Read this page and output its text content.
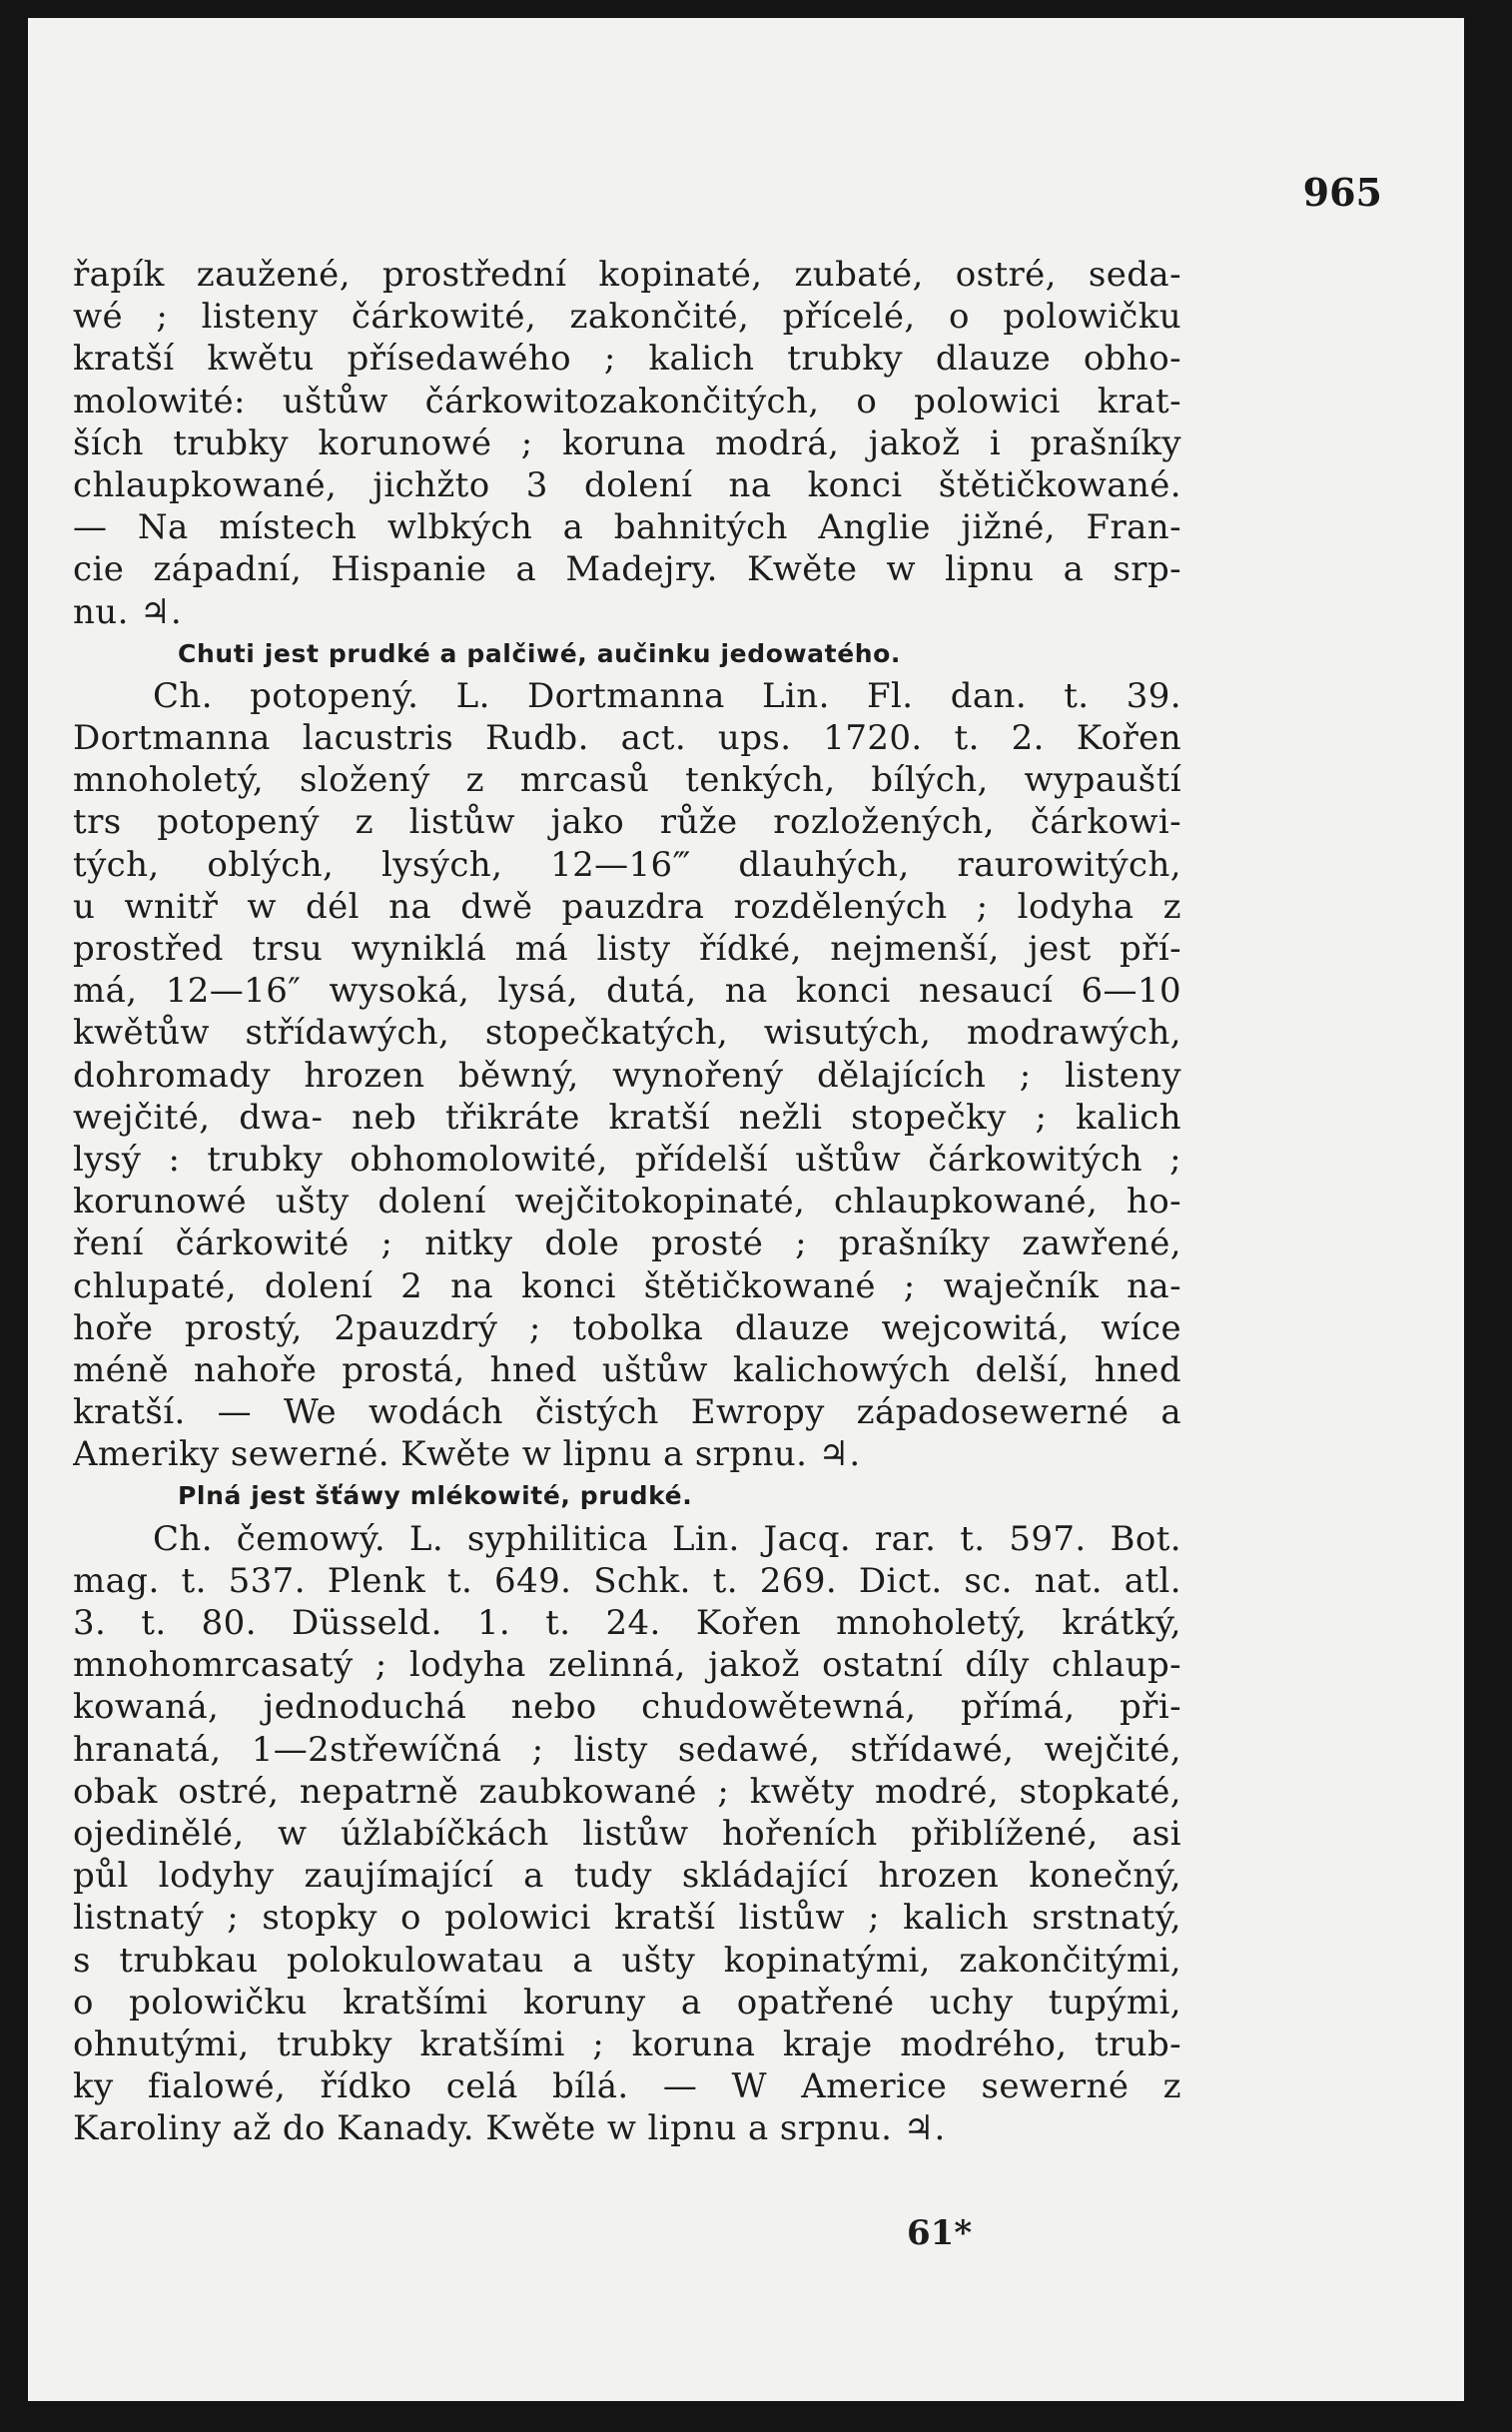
965
řapík zaužené, prostřední kopinaté, zubaté, ostré, seda-
wé ; listeny čárkowité, zakončité, přícelé, o polowičku
kratší kwětu přísedawého ; kalich trubky dlauze obho-
molowité: uštůw čárkowitozakončitých, o polowici krat-
ších trubky korunowé ; koruna modrá, jakož i prašníky
chlaupkowané, jichžto 3 dolení na konci štětičkowané.
— Na místech wlbkých a bahnitých Anglie jižné, Fran-
cie západní, Hispanie a Madejry. Kwěte w lipnu a srp-
nu. ♃.
Chuti jest prudké a palčiwé, aučinku jedowatého.
Ch. potopený. L. Dortmanna Lin. Fl. dan. t. 39.
Dortmanna lacustris Rudb. act. ups. 1720. t. 2. Kořen
mnoholetý, složený z mrcasů tenkých, bílých, wypauští
trs potopený z listůw jako růže rozložených, čárkowi-
tých, oblých, lysých, 12—16‴ dlauhých, raurowitých,
u wnitř w dél na dwě pauzdra rozdělených ; lodyha z
prostřed trsu wyniklá má listy řídké, nejmenší, jest pří-
má, 12—16″ wysoká, lysá, dutá, na konci nesaucí 6—10
kwětůw střídawých, stopečkatých, wisutých, modrawých,
dohromady hrozen běwný, wynořený dělajících ; listeny
wejčité, dwa- neb třikráte kratší nežli stopečky ; kalich
lysý : trubky obhomolowité, přídelší uštůw čárkowitých ;
korunowé ušty dolení wejčitokopinaté, chlaupkowané, ho-
ření čárkowité ; nitky dole prosté ; prašníky zawřené,
chlupaté, dolení 2 na konci štětičkowané ; waječník na-
hoře prostý, 2pauzdrý ; tobolka dlauze wejcowitá, wíce
méně nahoře prostá, hned uštůw kalichowých delší, hned
kratší. — We wodách čistých Ewropy západosewerné a
Ameriky sewerné. Kwěte w lipnu a srpnu. ♃.
Plná jest šťáwy mlékowité, prudké.
Ch. čemowý. L. syphilitica Lin. Jacq. rar. t. 597. Bot.
mag. t. 537. Plenk t. 649. Schk. t. 269. Dict. sc. nat. atl.
3. t. 80. Düsseld. 1. t. 24. Kořen mnoholetý, krátký,
mnohomrcasatý ; lodyha zelinná, jakož ostatní díly chlaup-
kowaná, jednoduchá nebo chudowětewná, přímá, při-
hranatá, 1—2střewíčná ; listy sedawé, střídawé, wejčité,
obak ostré, nepatrně zaubkowané ; kwěty modré, stopkaté,
ojedinělé, w úžlabíčkách listůw hořeních přiblížené, asi
půl lodyhy zaujímající a tudy skládající hrozen konečný,
listnatý ; stopky o polowici kratší listůw ; kalich srstnatý,
s trubkau polokulowatau a ušty kopinatými, zakončitými,
o polowičku kratšími koruny a opatřené uchy tupými,
ohnutými, trubky kratšími ; koruna kraje modrého, trub-
ky fialowé, řídko celá bílá. — W Americe sewerné z
Karoliny až do Kanady. Kwěte w lipnu a srpnu. ♃.
61*
